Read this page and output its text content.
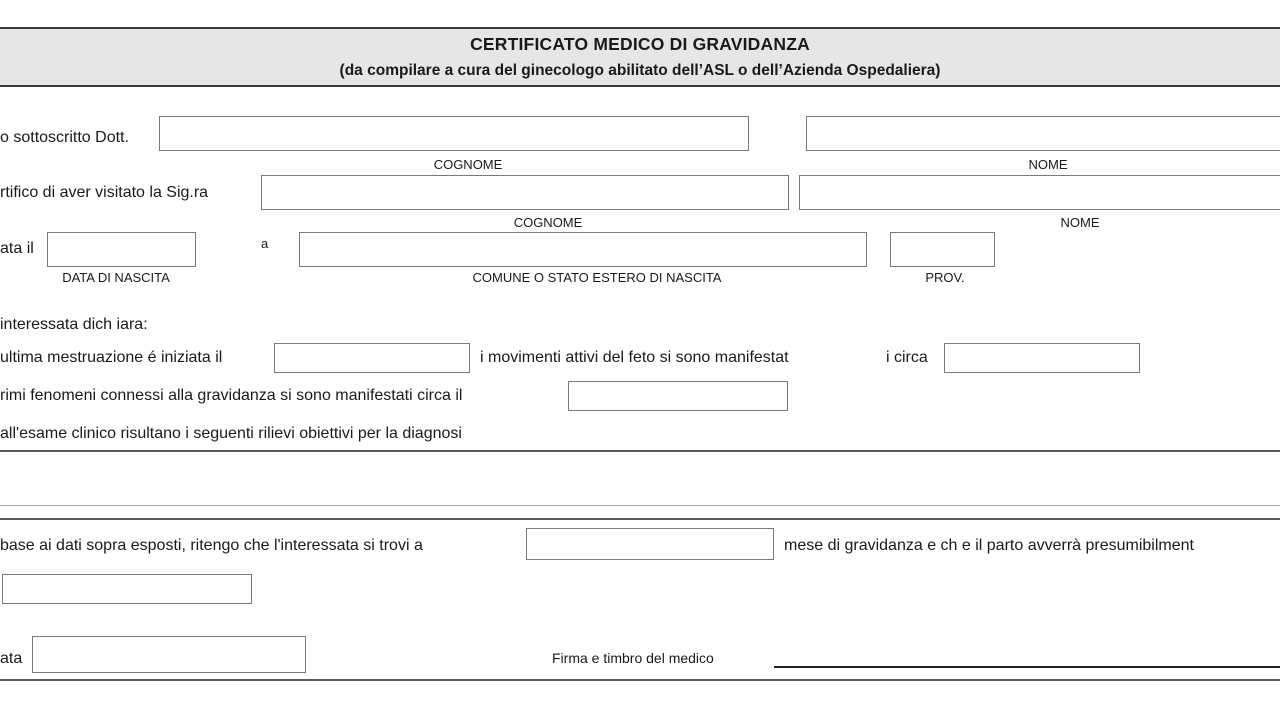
CERTIFICATO MEDICO DI GRAVIDANZA
(da compilare a cura del ginecologo abilitato dell’ASL o dell’Azienda Ospedaliera)
o sottoscritto Dott.
COGNOME	NOME
rtifico di aver visitato la Sig.ra
COGNOME	NOME
ata il
DATA DI NASCITA
a
COMUNE O STATO ESTERO DI NASCITA	PROV.
interessata dich iara:
ultima mestruazione é iniziata il	i movimenti attivi del feto si sono manifestat	i circa
rimi fenomeni connessi alla gravidanza si sono manifestati circa il
all'esame clinico risultano i seguenti rilievi obiettivi per la diagnosi
base ai dati sopra esposti, ritengo che l'interessata si trovi a	mese di gravidanza e ch e il parto avverrà presumibilment
ata	Firma e timbro del medico
